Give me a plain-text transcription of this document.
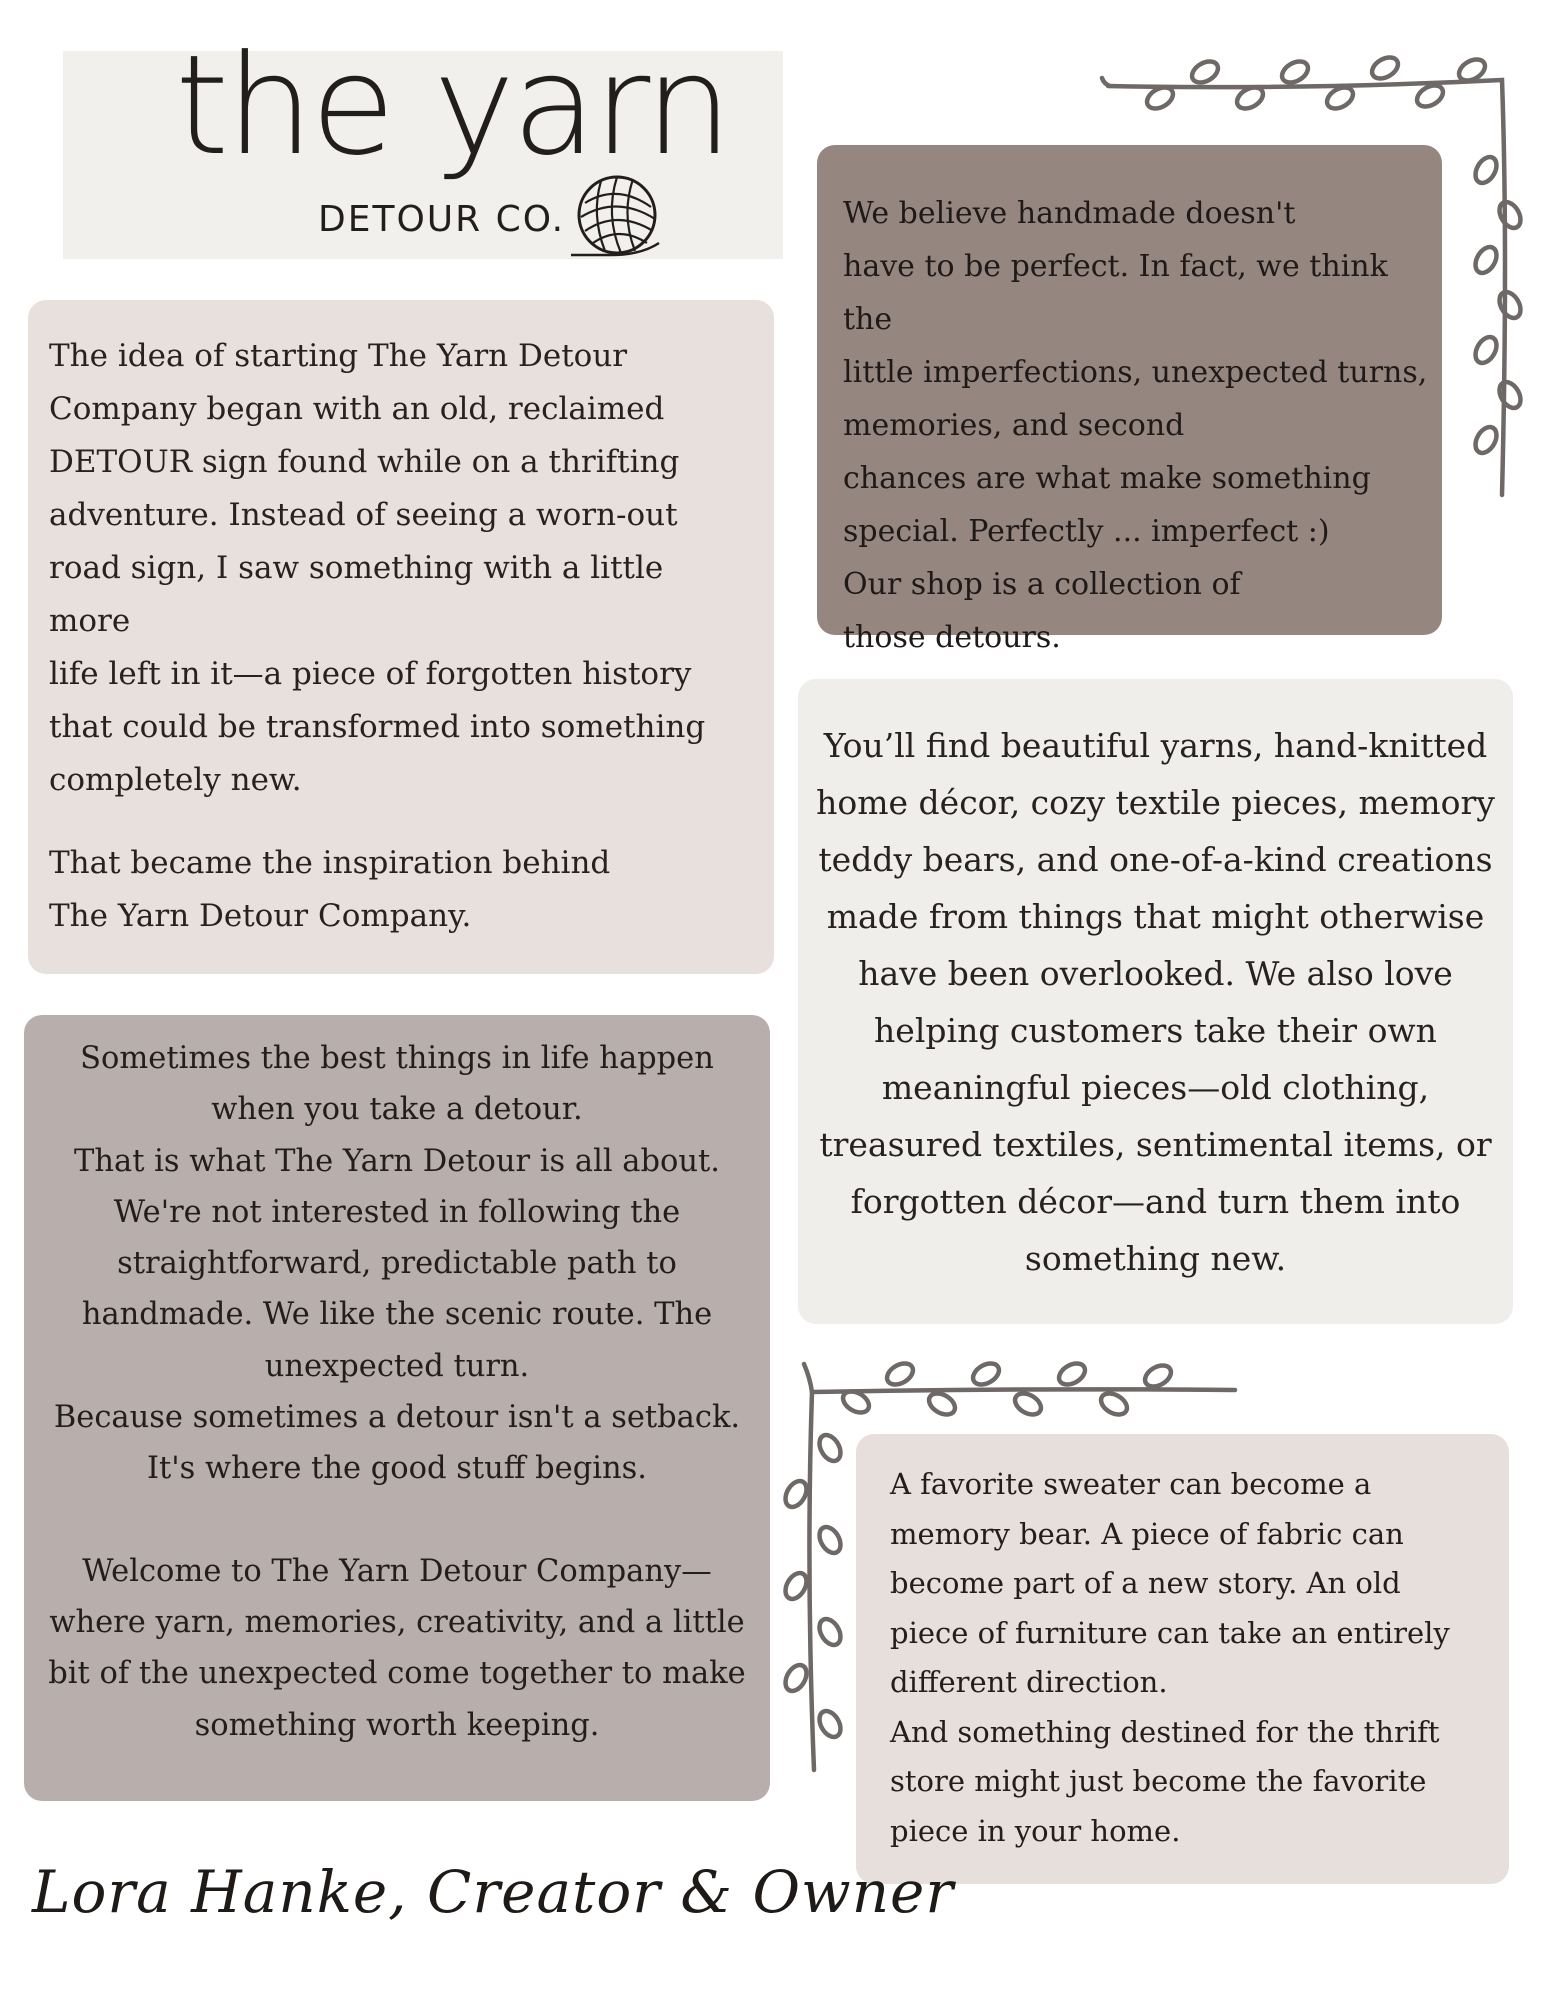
the yarn
DETOUR CO.

The idea of starting The Yarn Detour
Company began with an old, reclaimed
DETOUR sign found while on a thrifting
adventure. Instead of seeing a worn-out
road sign, I saw something with a little more
life left in it—a piece of forgotten history
that could be transformed into something
completely new.

That became the inspiration behind
The Yarn Detour Company.

We believe handmade doesn't
have to be perfect. In fact, we think the
little imperfections, unexpected turns,
memories, and second
chances are what make something
special. Perfectly ... imperfect :)
Our shop is a collection of
those detours.

You’ll find beautiful yarns, hand-knitted
home décor, cozy textile pieces, memory
teddy bears, and one-of-a-kind creations
made from things that might otherwise
have been overlooked. We also love
helping customers take their own
meaningful pieces—old clothing,
treasured textiles, sentimental items, or
forgotten décor—and turn them into
something new.

Sometimes the best things in life happen
when you take a detour.
That is what The Yarn Detour is all about.
We're not interested in following the
straightforward, predictable path to
handmade. We like the scenic route. The
unexpected turn.
Because sometimes a detour isn't a setback.
It's where the good stuff begins.

Welcome to The Yarn Detour Company—
where yarn, memories, creativity, and a little
bit of the unexpected come together to make
something worth keeping.

A favorite sweater can become a
memory bear. A piece of fabric can
become part of a new story. An old
piece of furniture can take an entirely
different direction.
And something destined for the thrift
store might just become the favorite
piece in your home.

Lora Hanke, Creator & Owner
